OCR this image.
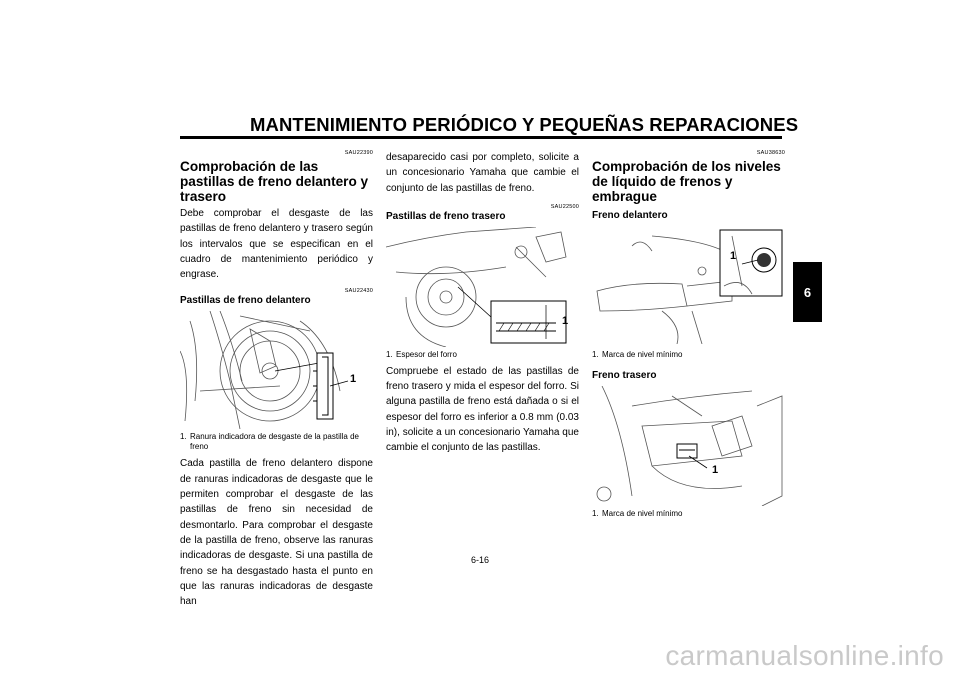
MANTENIMIENTO PERIÓDICO Y PEQUEÑAS REPARACIONES

SAU22390

Comprobación de las pastillas de freno delantero y trasero

Debe comprobar el desgaste de las pastillas de freno delantero y trasero según los intervalos que se especifican en el cuadro de mantenimiento periódico y engrase.

SAU22430

Pastillas de freno delantero
1
1. Ranura indicadora de desgaste de la pastilla de freno

Cada pastilla de freno delantero dispone de ranuras indicadoras de desgaste que le permiten comprobar el desgaste de las pastillas de freno sin necesidad de desmontarlo. Para comprobar el desgaste de la pastilla de freno, observe las ranuras indicadoras de desgaste. Si una pastilla de freno se ha desgastado hasta el punto en que las ranuras indicadoras de desgaste han

desaparecido casi por completo, solicite a un concesionario Yamaha que cambie el conjunto de las pastillas de freno.

SAU22500

Pastillas de freno trasero
1
1. Espesor del forro

Compruebe el estado de las pastillas de freno trasero y mida el espesor del forro. Si alguna pastilla de freno está dañada o si el espesor del forro es inferior a 0.8 mm (0.03 in), solicite a un concesionario Yamaha que cambie el conjunto de las pastillas.

SAU38630

Comprobación de los niveles de líquido de frenos y embrague
Freno delantero
1
1. Marca de nivel mínimo
Freno trasero
1
1. Marca de nivel mínimo
6
6-16
carmanualsonline.info
